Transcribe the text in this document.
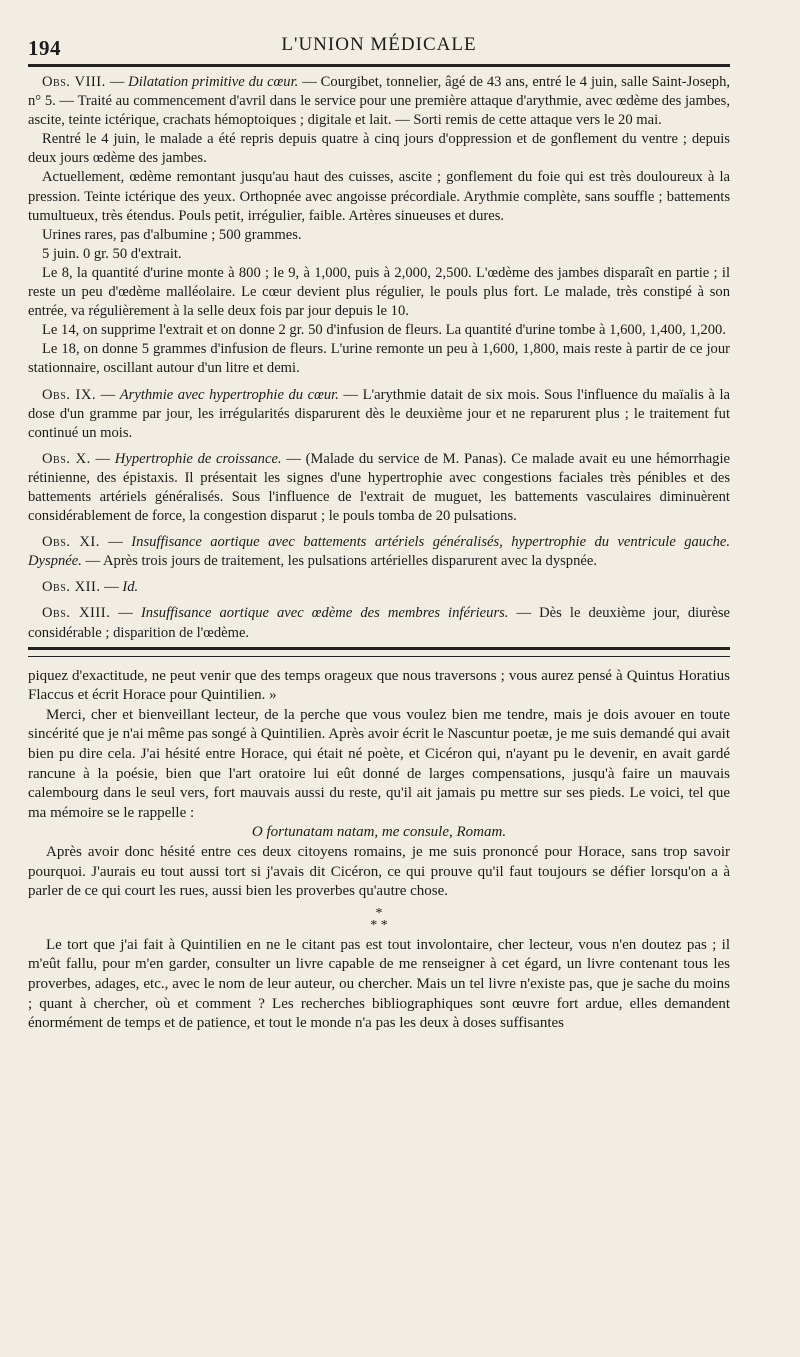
194	L'UNION MÉDICALE

Obs. VIII. — Dilatation primitive du cœur. — Courgibet, tonnelier, âgé de 43 ans, entré le 4 juin, salle Saint-Joseph, n° 5. — Traité au commencement d'avril dans le service pour une première attaque d'arythmie, avec œdème des jambes, ascite, teinte ictérique, crachats hémoptoiques ; digitale et lait. — Sorti remis de cette attaque vers le 20 mai.

Rentré le 4 juin, le malade a été repris depuis quatre à cinq jours d'oppression et de gonflement du ventre ; depuis deux jours œdème des jambes.

Actuellement, œdème remontant jusqu'au haut des cuisses, ascite ; gonflement du foie qui est très douloureux à la pression. Teinte ictérique des yeux. Orthopnée avec angoisse précordiale. Arythmie complète, sans souffle ; battements tumultueux, très étendus. Pouls petit, irrégulier, faible. Artères sinueuses et dures.

Urines rares, pas d'albumine ; 500 grammes.

5 juin. 0 gr. 50 d'extrait.

Le 8, la quantité d'urine monte à 800 ; le 9, à 1,000, puis à 2,000, 2,500. L'œdème des jambes disparaît en partie ; il reste un peu d'œdème malléolaire. Le cœur devient plus régulier, le pouls plus fort. Le malade, très constipé à son entrée, va régulièrement à la selle deux fois par jour depuis le 10.

Le 14, on supprime l'extrait et on donne 2 gr. 50 d'infusion de fleurs. La quantité d'urine tombe à 1,600, 1,400, 1,200.

Le 18, on donne 5 grammes d'infusion de fleurs. L'urine remonte un peu à 1,600, 1,800, mais reste à partir de ce jour stationnaire, oscillant autour d'un litre et demi.

Obs. IX. — Arythmie avec hypertrophie du cœur. — L'arythmie datait de six mois. Sous l'influence du maïalis à la dose d'un gramme par jour, les irrégularités disparurent dès le deuxième jour et ne reparurent plus ; le traitement fut continué un mois.

Obs. X. — Hypertrophie de croissance. — (Malade du service de M. Panas). Ce malade avait eu une hémorrhagie rétinienne, des épistaxis. Il présentait les signes d'une hypertrophie avec congestions faciales très pénibles et des battements artériels généralisés. Sous l'influence de l'extrait de muguet, les battements vasculaires diminuèrent considérablement de force, la congestion disparut ; le pouls tomba de 20 pulsations.

Obs. XI. — Insuffisance aortique avec battements artériels généralisés, hypertrophie du ventricule gauche. Dyspnée. — Après trois jours de traitement, les pulsations artérielles disparurent avec la dyspnée.

Obs. XII. — Id.

Obs. XIII. — Insuffisance aortique avec œdème des membres inférieurs. — Dès le deuxième jour, diurèse considérable ; disparition de l'œdème.

piquez d'exactitude, ne peut venir que des temps orageux que nous traversons ; vous aurez pensé à Quintus Horatius Flaccus et écrit Horace pour Quintilien. »

Merci, cher et bienveillant lecteur, de la perche que vous voulez bien me tendre, mais je dois avouer en toute sincérité que je n'ai même pas songé à Quintilien. Après avoir écrit le Nascuntur poetæ, je me suis demandé qui avait bien pu dire cela. J'ai hésité entre Horace, qui était né poète, et Cicéron qui, n'ayant pu le devenir, en avait gardé rancune à la poésie, bien que l'art oratoire lui eût donné de larges compensations, jusqu'à faire un mauvais calembourg dans le seul vers, fort mauvais aussi du reste, qu'il ait jamais pu mettre sur ses pieds. Le voici, tel que ma mémoire se le rappelle :

O fortunatam natam, me consule, Romam.

Après avoir donc hésité entre ces deux citoyens romains, je me suis prononcé pour Horace, sans trop savoir pourquoi. J'aurais eu tout aussi tort si j'avais dit Cicéron, ce qui prouve qu'il faut toujours se défier lorsqu'on a à parler de ce qui court les rues, aussi bien les proverbes qu'autre chose.

*
* *

Le tort que j'ai fait à Quintilien en ne le citant pas est tout involontaire, cher lecteur, vous n'en doutez pas ; il m'eût fallu, pour m'en garder, consulter un livre capable de me renseigner à cet égard, un livre contenant tous les proverbes, adages, etc., avec le nom de leur auteur, ou chercher. Mais un tel livre n'existe pas, que je sache du moins ; quant à chercher, où et comment ? Les recherches bibliographiques sont œuvre fort ardue, elles demandent énormément de temps et de patience, et tout le monde n'a pas les deux à doses suffisantes
